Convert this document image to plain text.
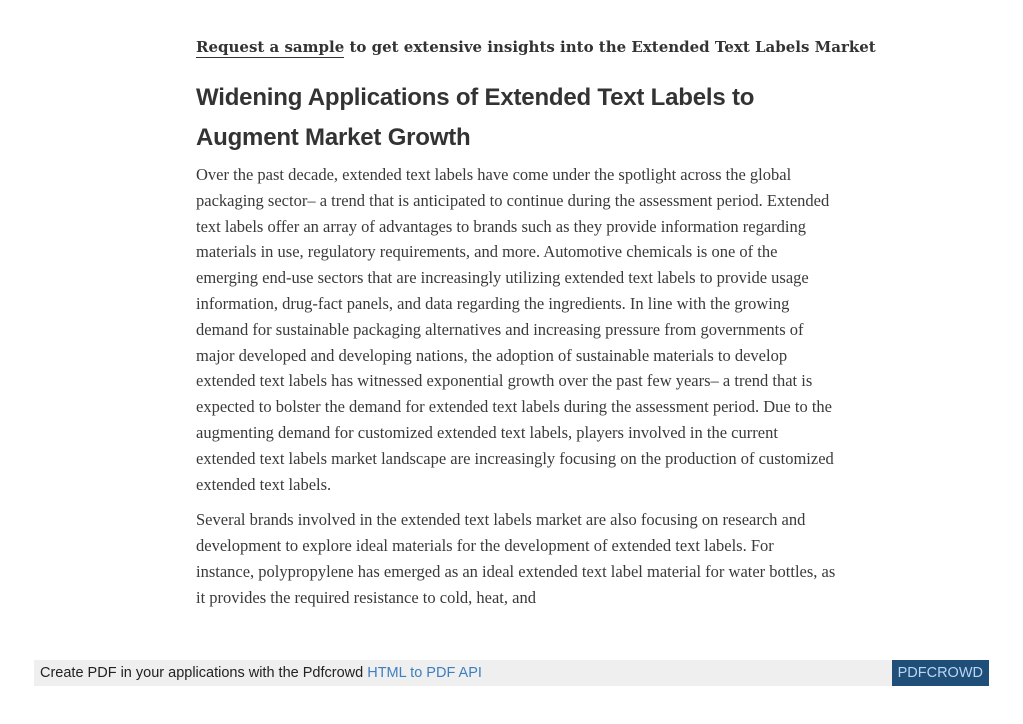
Request a sample to get extensive insights into the Extended Text Labels Market
Widening Applications of Extended Text Labels to Augment Market Growth

Over the past decade, extended text labels have come under the spotlight across the global packaging sector– a trend that is anticipated to continue during the assessment period. Extended text labels offer an array of advantages to brands such as they provide information regarding materials in use, regulatory requirements, and more. Automotive chemicals is one of the emerging end-use sectors that are increasingly utilizing extended text labels to provide usage information, drug-fact panels, and data regarding the ingredients. In line with the growing demand for sustainable packaging alternatives and increasing pressure from governments of major developed and developing nations, the adoption of sustainable materials to develop extended text labels has witnessed exponential growth over the past few years– a trend that is expected to bolster the demand for extended text labels during the assessment period. Due to the augmenting demand for customized extended text labels, players involved in the current extended text labels market landscape are increasingly focusing on the production of customized extended text labels.

Several brands involved in the extended text labels market are also focusing on research and development to explore ideal materials for the development of extended text labels. For instance, polypropylene has emerged as an ideal extended text label material for water bottles, as it provides the required resistance to cold, heat, and

Create PDF in your applications with the Pdfcrowd HTML to PDF API	PDFCROWD
